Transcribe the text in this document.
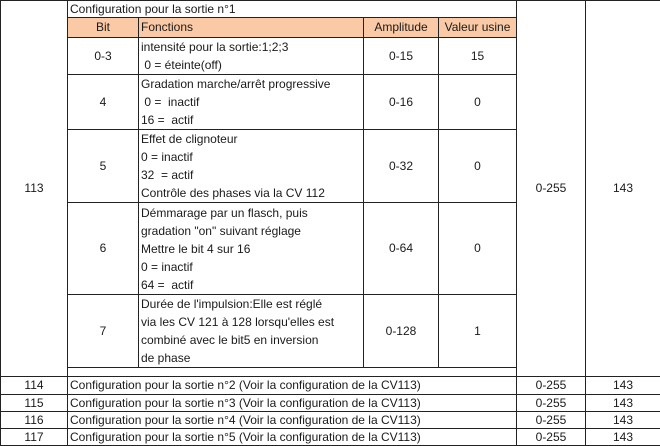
113	Configuration pour la sortie n°1				0-255	143
	Bit	Fonctions	Amplitude	Valeur usine		
	0-3	intensité pour la sortie:1;2;3
0 = éteinte(off)	0-15	15		
	4	Gradation marche/arrêt progressive
0 =  inactif
16 =  actif	0-16	0		
	5	Effet de clignoteur
0 = inactif
32  = actif
Contrôle des phases via la CV 112	0-32	0		
	6	Démmarage par un flasch, puis
gradation "on" suivant réglage
Mettre le bit 4 sur 16
0 = inactif
64 =  actif	0-64	0		
	7	Durée de l'impulsion:Elle est réglé
via les CV 121 à 128 lorsqu'elles est
combiné avec le bit5 en inversion
de phase	0-128	1		

114	Configuration pour la sortie n°2 (Voir la configuration de la CV113)				0-255	143
115	Configuration pour la sortie n°3 (Voir la configuration de la CV113)				0-255	143
116	Configuration pour la sortie n°4 (Voir la configuration de la CV113)				0-255	143
117	Configuration pour la sortie n°5 (Voir la configuration de la CV113)				0-255	143
